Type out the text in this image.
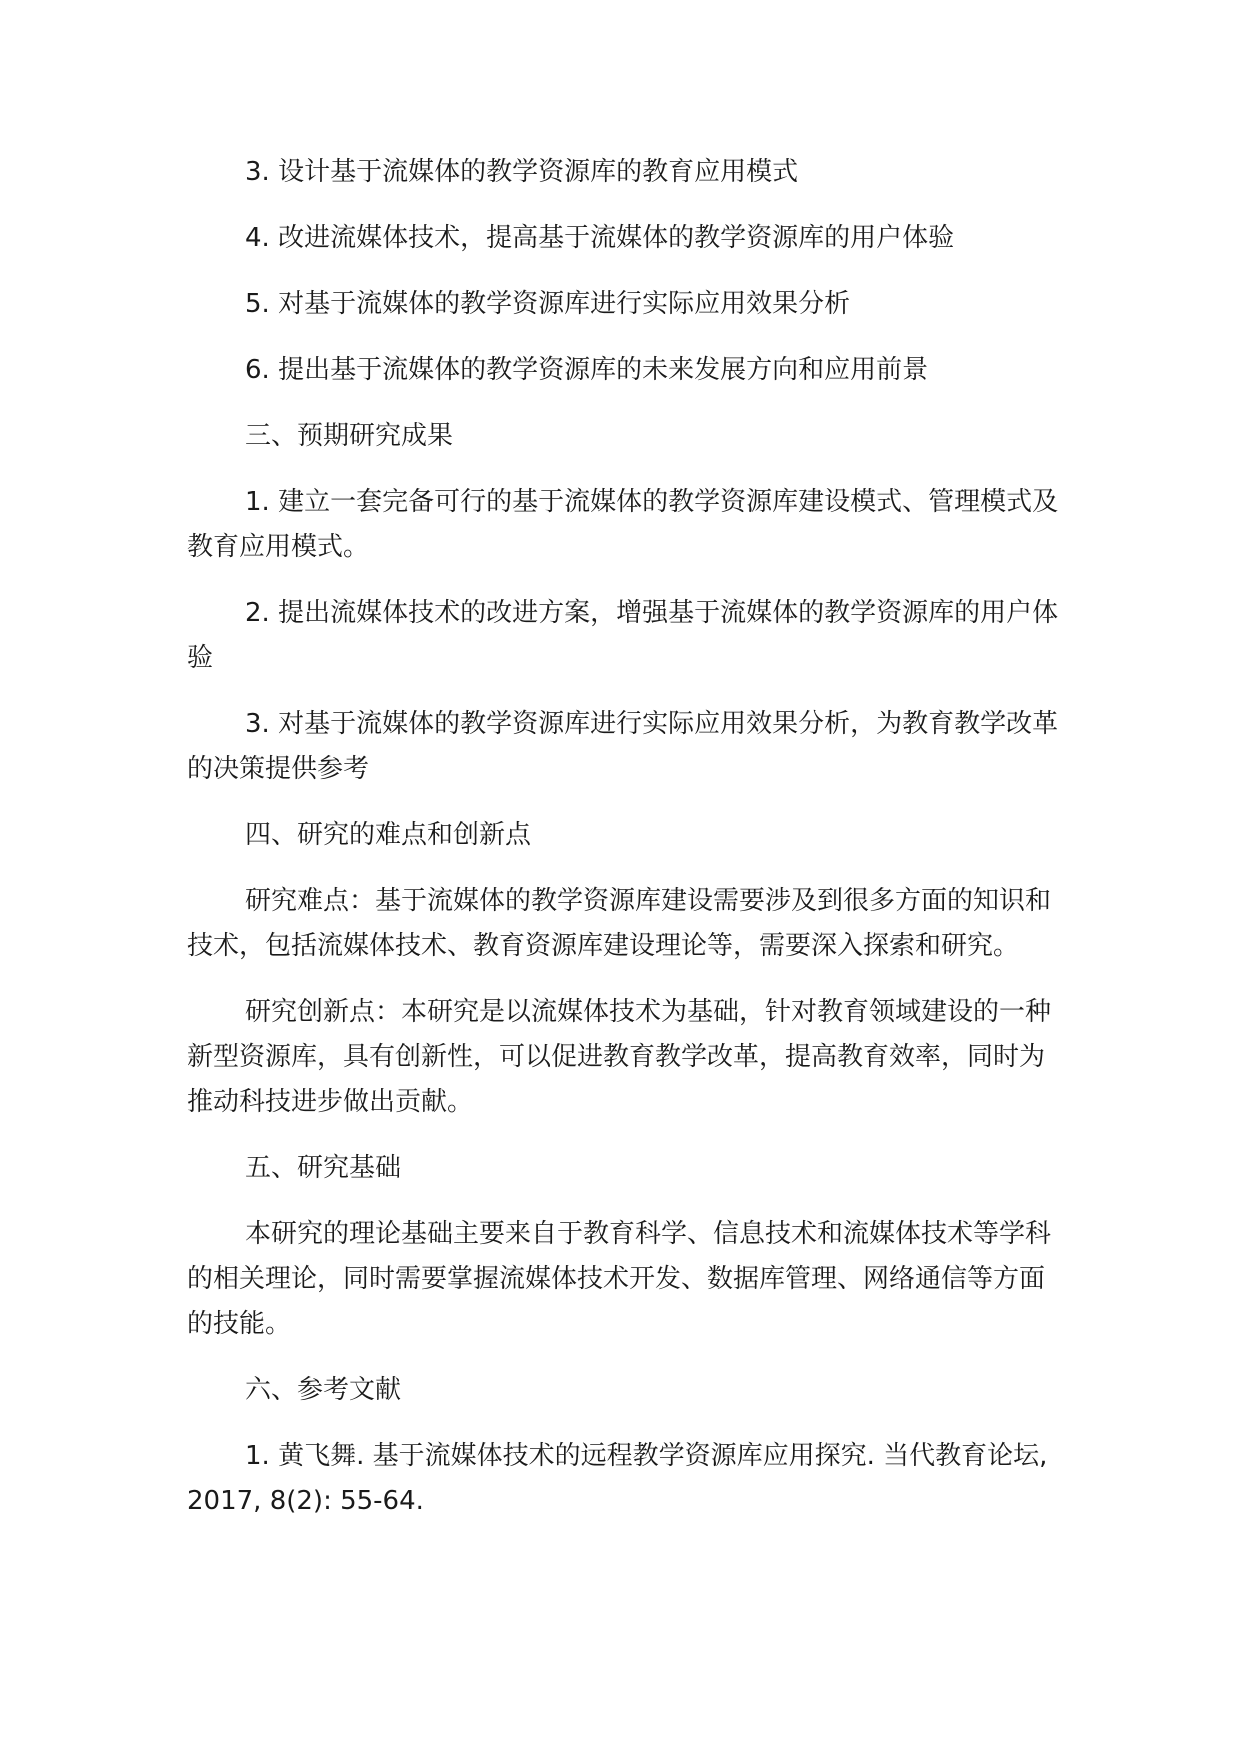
3. 设计基于流媒体的教学资源库的教育应用模式

4. 改进流媒体技术，提高基于流媒体的教学资源库的用户体验

5. 对基于流媒体的教学资源库进行实际应用效果分析

6. 提出基于流媒体的教学资源库的未来发展方向和应用前景

三、预期研究成果

1. 建立一套完备可行的基于流媒体的教学资源库建设模式、管理模式及教育应用模式。

2. 提出流媒体技术的改进方案，增强基于流媒体的教学资源库的用户体验

3. 对基于流媒体的教学资源库进行实际应用效果分析，为教育教学改革的决策提供参考

四、研究的难点和创新点

研究难点：基于流媒体的教学资源库建设需要涉及到很多方面的知识和技术，包括流媒体技术、教育资源库建设理论等，需要深入探索和研究。

研究创新点：本研究是以流媒体技术为基础，针对教育领域建设的一种新型资源库，具有创新性，可以促进教育教学改革，提高教育效率，同时为推动科技进步做出贡献。

五、研究基础

本研究的理论基础主要来自于教育科学、信息技术和流媒体技术等学科的相关理论，同时需要掌握流媒体技术开发、数据库管理、网络通信等方面的技能。

六、参考文献

1. 黄飞舞. 基于流媒体技术的远程教学资源库应用探究. 当代教育论坛, 2017, 8(2): 55-64.
